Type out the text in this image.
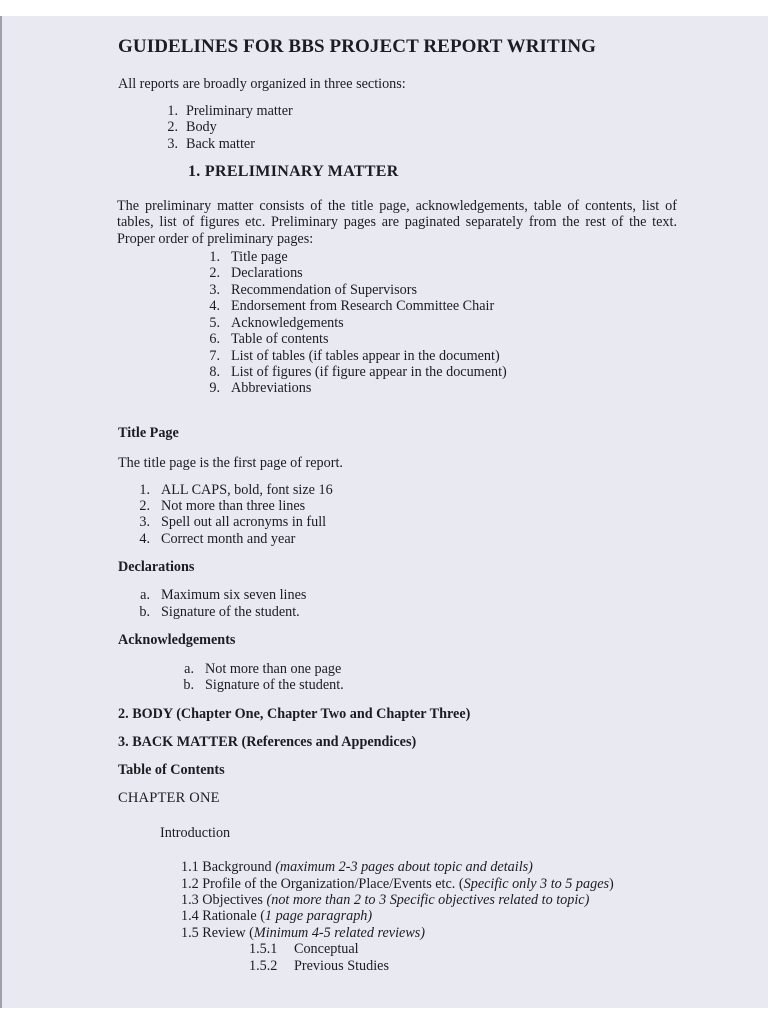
GUIDELINES FOR BBS PROJECT REPORT WRITING
All reports are broadly organized in three sections:
1. Preliminary matter
2. Body
3. Back matter
1. PRELIMINARY MATTER
The preliminary matter consists of the title page, acknowledgements, table of contents, list of tables, list of figures etc. Preliminary pages are paginated separately from the rest of the text. Proper order of preliminary pages:
1. Title page
2. Declarations
3. Recommendation of Supervisors
4. Endorsement from Research Committee Chair
5. Acknowledgements
6. Table of contents
7. List of tables (if tables appear in the document)
8. List of figures (if figure appear in the document)
9. Abbreviations
Title Page
The title page is the first page of report.
1. ALL CAPS, bold, font size 16
2. Not more than three lines
3. Spell out all acronyms in full
4. Correct month and year
Declarations
a. Maximum six seven lines
b. Signature of the student.
Acknowledgements
a. Not more than one page
b. Signature of the student.
2. BODY (Chapter One, Chapter Two and Chapter Three)
3. BACK MATTER (References and Appendices)
Table of Contents
CHAPTER ONE
Introduction
1.1 Background (maximum 2-3 pages about topic and details)
1.2 Profile of the Organization/Place/Events etc. (Specific only 3 to 5 pages)
1.3 Objectives (not more than 2 to 3 Specific objectives related to topic)
1.4 Rationale (1 page paragraph)
1.5 Review (Minimum 4-5 related reviews)
1.5.1 Conceptual
1.5.2 Previous Studies
